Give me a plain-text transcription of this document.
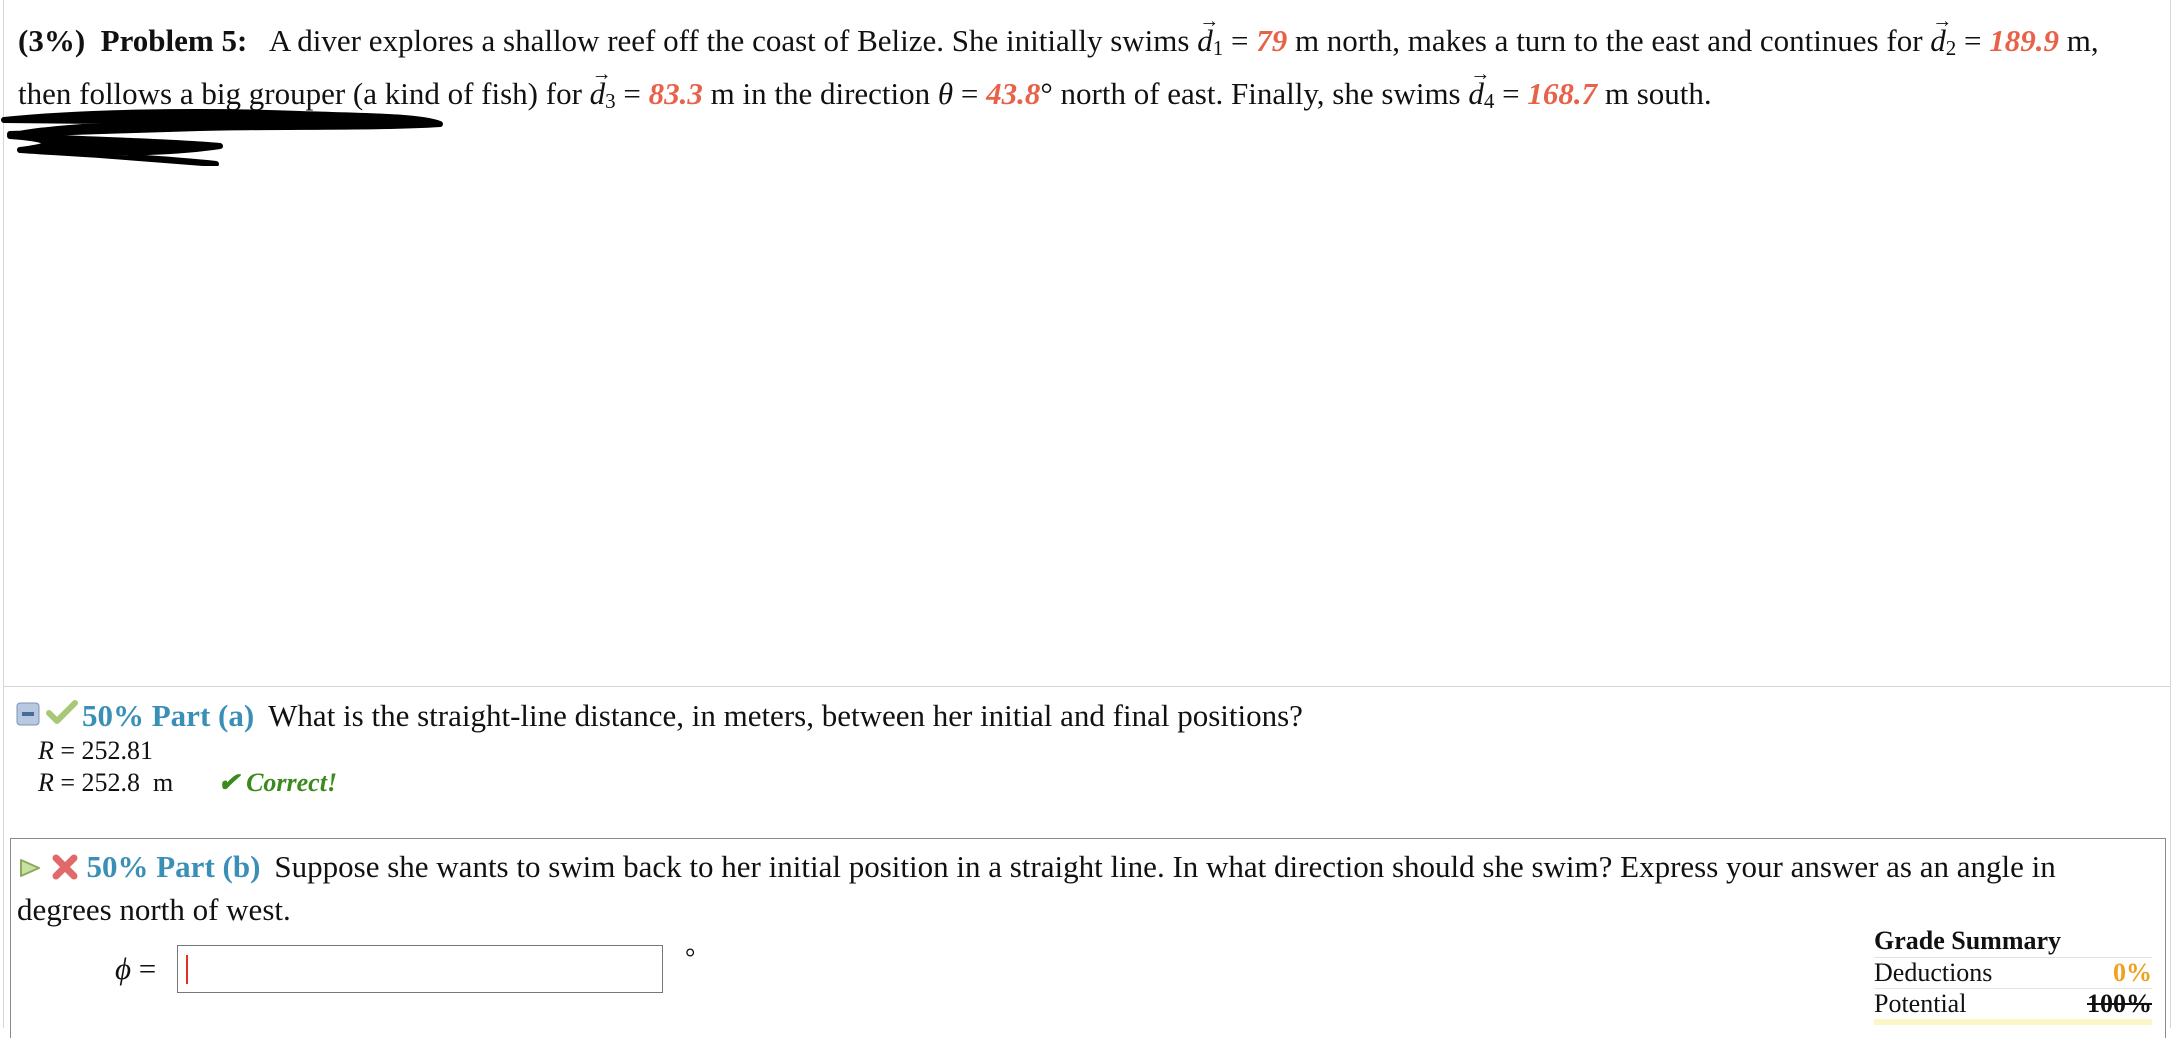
(3%) Problem 5: A diver explores a shallow reef off the coast of Belize. She initially swims → $d_1 = 79$ m north, makes a turn to the east and continues for → $d_2 = 189.9$ m, then follows a big grouper (a kind of fish) for → $d_3 = 83.3$ m in the direction θ = 43.8° north of east. Finally, she swims → $d_4 = 168.7$ m south.
50% Part (a) What is the straight-line distance, in meters, between her initial and final positions?
R = 252.81
R = 252.8  m ✔ Correct!
50% Part (b) Suppose she wants to swim back to her initial position in a straight line. In what direction should she swim? Express your answer as an angle in degrees north of west.
ϕ =	°
Grade Summary
Deductions	0%
Potential	100%
